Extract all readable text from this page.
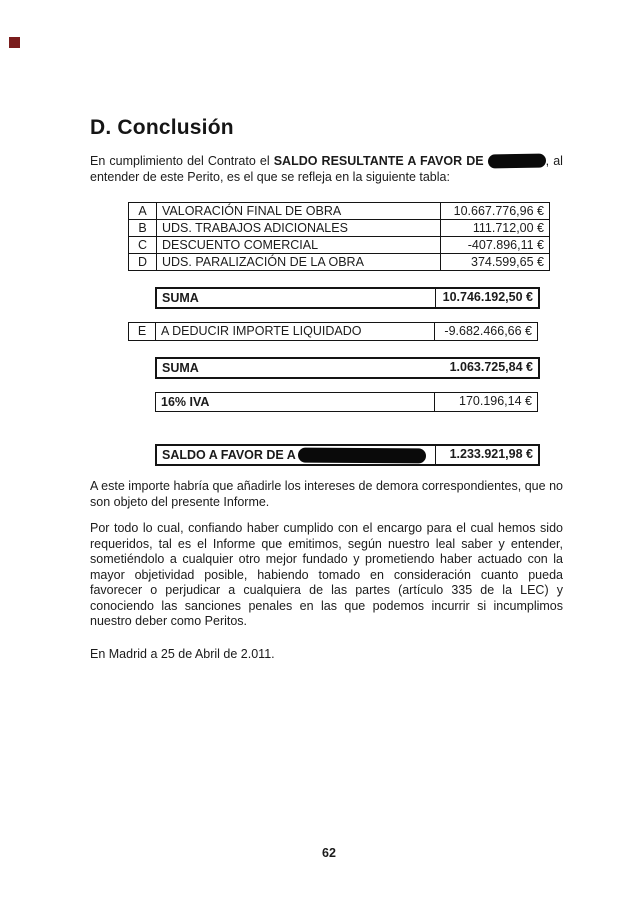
D. Conclusión
En cumplimiento del Contrato el SALDO RESULTANTE A FAVOR DE	, al
entender de este Perito, es el que se refleja en la siguiente tabla:
A	VALORACIÓN FINAL DE OBRA	10.667.776,96 €
B	UDS. TRABAJOS ADICIONALES	111.712,00 €
C	DESCUENTO COMERCIAL	-407.896,11 €
D	UDS. PARALIZACIÓN DE LA OBRA	374.599,65 €
SUMA	10.746.192,50 €
E	A DEDUCIR IMPORTE LIQUIDADO	-9.682.466,66 €
SUMA	1.063.725,84 €
16% IVA	170.196,14 €
SALDO A FAVOR DE A	1.233.921,98 €
A este importe habría que añadirle los intereses de demora correspondientes, que no son objeto del presente Informe.
Por todo lo cual, confiando haber cumplido con el encargo para el cual hemos sido requeridos, tal es el Informe que emitimos, según nuestro leal saber y entender, sometiéndolo a cualquier otro mejor fundado y prometiendo haber actuado con la mayor objetividad posible, habiendo tomado en consideración cuanto pueda favorecer o perjudicar a cualquiera de las partes (artículo 335 de la LEC) y conociendo las sanciones penales en las que podemos incurrir si incumplimos nuestro deber como Peritos.
En Madrid a 25 de Abril de 2.011.
62
